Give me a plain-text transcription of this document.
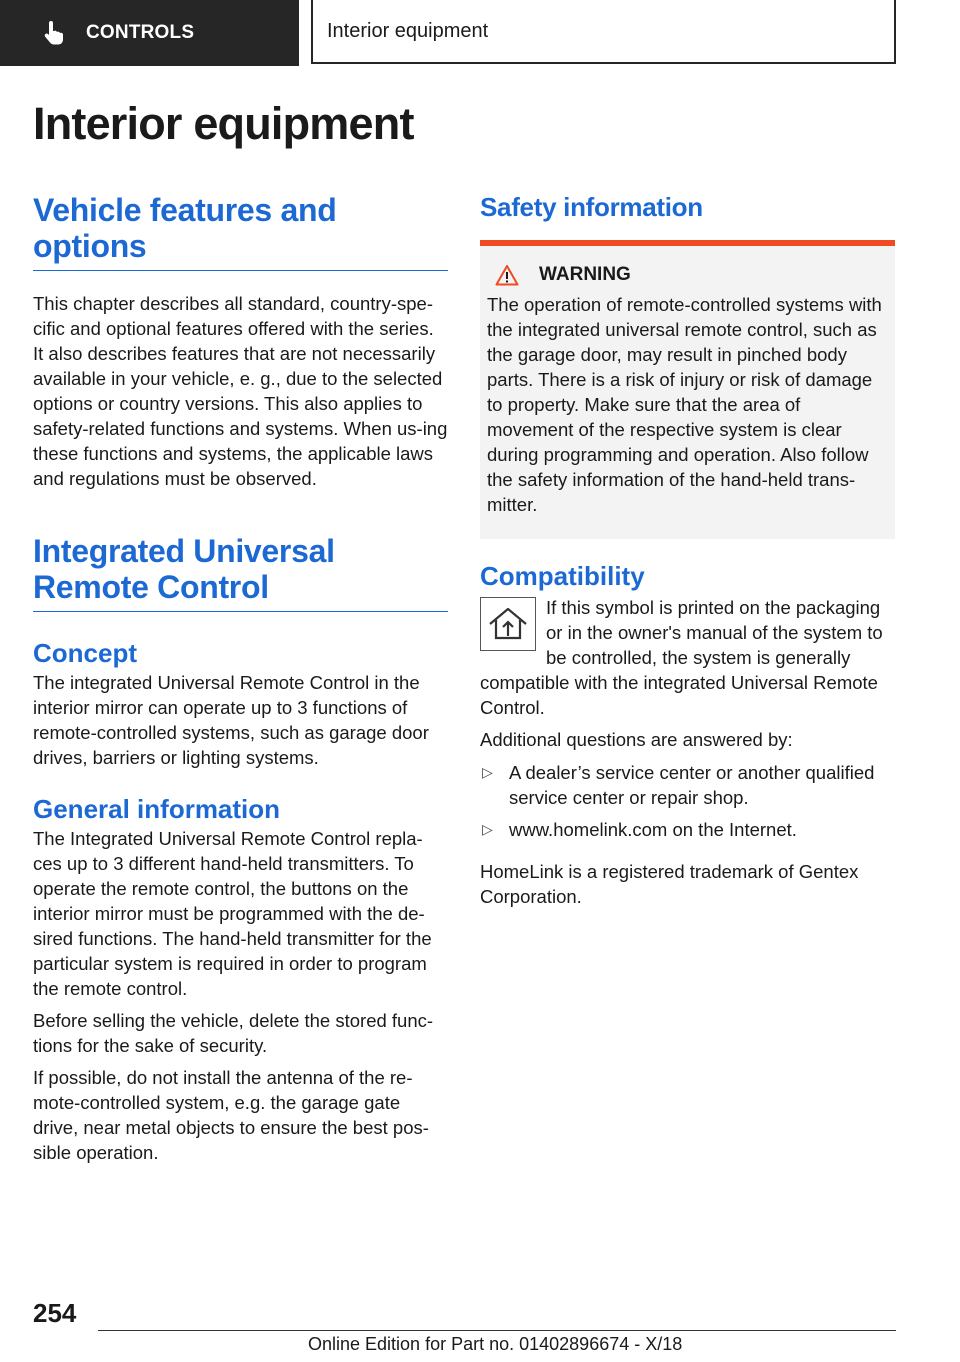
CONTROLS	Interior equipment
Interior equipment
Vehicle features and options

This chapter describes all standard, country-spe-cific and optional features offered with the series. It also describes features that are not necessarily available in your vehicle, e. g., due to the selected options or country versions. This also applies to safety-related functions and systems. When us-ing these functions and systems, the applicable laws and regulations must be observed.

Integrated Universal Remote Control
Concept

The integrated Universal Remote Control in the interior mirror can operate up to 3 functions of remote-controlled systems, such as garage door drives, barriers or lighting systems.

General information

The Integrated Universal Remote Control repla-ces up to 3 different hand-held transmitters. To operate the remote control, the buttons on the interior mirror must be programmed with the de-sired functions. The hand-held transmitter for the particular system is required in order to program the remote control.

Before selling the vehicle, delete the stored func-tions for the sake of security.

If possible, do not install the antenna of the re-mote-controlled system, e.g. the garage gate drive, near metal objects to ensure the best pos-sible operation.

Safety information
WARNING

The operation of remote-controlled systems with the integrated universal remote control, such as the garage door, may result in pinched body parts. There is a risk of injury or risk of damage to property. Make sure that the area of movement of the respective system is clear during programming and operation. Also follow the safety information of the hand-held trans-mitter.

Compatibility

If this symbol is printed on the packaging or in the owner's manual of the system to be controlled, the system is generally compatible with the integrated Universal Remote Control.

Additional questions are answered by:

▷ A dealer’s service center or another qualified service center or repair shop.
▷ www.homelink.com on the Internet.

HomeLink is a registered trademark of Gentex Corporation.

254
Online Edition for Part no. 01402896674 - X/18
